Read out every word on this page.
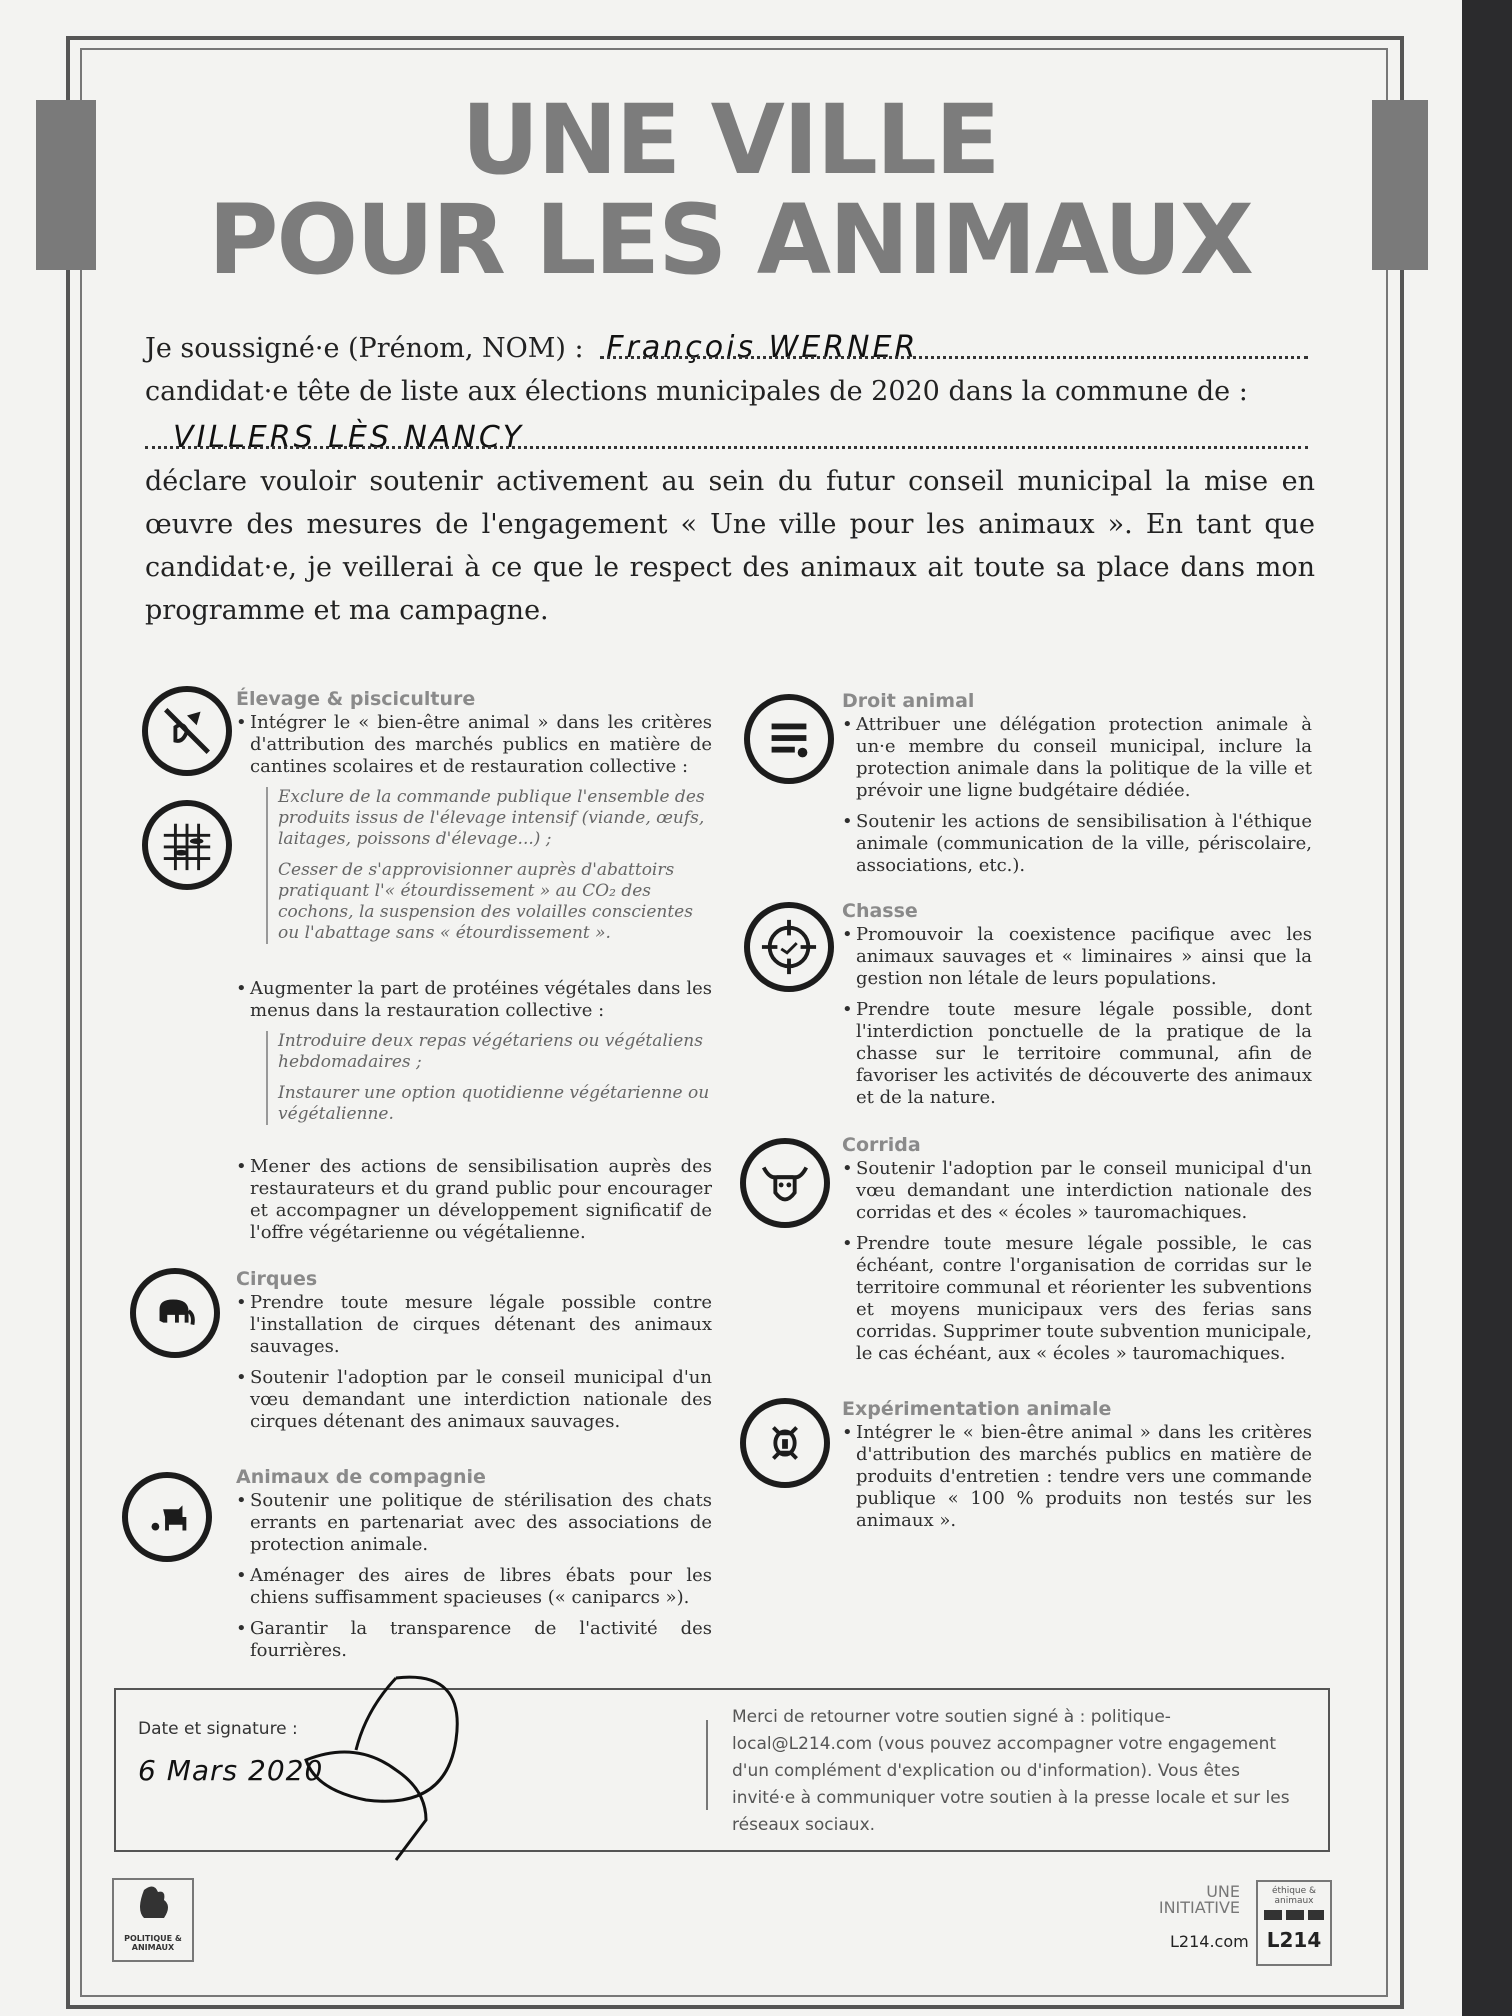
UNE VILLE
POUR LES ANIMAUX
Je soussigné·e (Prénom, NOM) : François WERNER
candidat·e tête de liste aux élections municipales de 2020 dans la commune de :
VILLERS LÈS NANCY
déclare vouloir soutenir activement au sein du futur conseil municipal la mise en œuvre des mesures de l'engagement « Une ville pour les animaux ». En tant que candidat·e, je veillerai à ce que le respect des animaux ait toute sa place dans mon programme et ma campagne.
Élevage & pisciculture
• Intégrer le « bien-être animal » dans les critères d'attribution des marchés publics en matière de cantines scolaires et de restauration collective :

Exclure de la commande publique l'ensemble des produits issus de l'élevage intensif (viande, œufs, laitages, poissons d'élevage...) ;

Cesser de s'approvisionner auprès d'abattoirs pratiquant l'« étourdissement » au CO₂ des cochons, la suspension des volailles conscientes ou l'abattage sans « étourdissement ».

• Augmenter la part de protéines végétales dans les menus dans la restauration collective :

Introduire deux repas végétariens ou végétaliens hebdomadaires ;

Instaurer une option quotidienne végétarienne ou végétalienne.

• Mener des actions de sensibilisation auprès des restaurateurs et du grand public pour encourager et accompagner un développement significatif de l'offre végétarienne ou végétalienne.
Cirques
• Prendre toute mesure légale possible contre l'installation de cirques détenant des animaux sauvages.
• Soutenir l'adoption par le conseil municipal d'un vœu demandant une interdiction nationale des cirques détenant des animaux sauvages.
Animaux de compagnie
• Soutenir une politique de stérilisation des chats errants en partenariat avec des associations de protection animale.
• Aménager des aires de libres ébats pour les chiens suffisamment spacieuses (« caniparcs »).
• Garantir la transparence de l'activité des fourrières.
Droit animal
• Attribuer une délégation protection animale à un·e membre du conseil municipal, inclure la protection animale dans la politique de la ville et prévoir une ligne budgétaire dédiée.
• Soutenir les actions de sensibilisation à l'éthique animale (communication de la ville, périscolaire, associations, etc.).
Chasse
• Promouvoir la coexistence pacifique avec les animaux sauvages et « liminaires » ainsi que la gestion non létale de leurs populations.
• Prendre toute mesure légale possible, dont l'interdiction ponctuelle de la pratique de la chasse sur le territoire communal, afin de favoriser les activités de découverte des animaux et de la nature.
Corrida
• Soutenir l'adoption par le conseil municipal d'un vœu demandant une interdiction nationale des corridas et des « écoles » tauromachiques.
• Prendre toute mesure légale possible, le cas échéant, contre l'organisation de corridas sur le territoire communal et réorienter les subventions et moyens municipaux vers des ferias sans corridas. Supprimer toute subvention municipale, le cas échéant, aux « écoles » tauromachiques.
Expérimentation animale
• Intégrer le « bien-être animal » dans les critères d'attribution des marchés publics en matière de produits d'entretien : tendre vers une commande publique « 100 % produits non testés sur les animaux ».
Date et signature :
6 Mars 2020
Merci de retourner votre soutien signé à : politique-local@L214.com (vous pouvez accompagner votre engagement d'un complément d'explication ou d'information). Vous êtes invité·e à communiquer votre soutien à la presse locale et sur les réseaux sociaux.
POLITIQUE & ANIMAUX
UNE
INITIATIVE
L214.com
éthique & animaux
L214
